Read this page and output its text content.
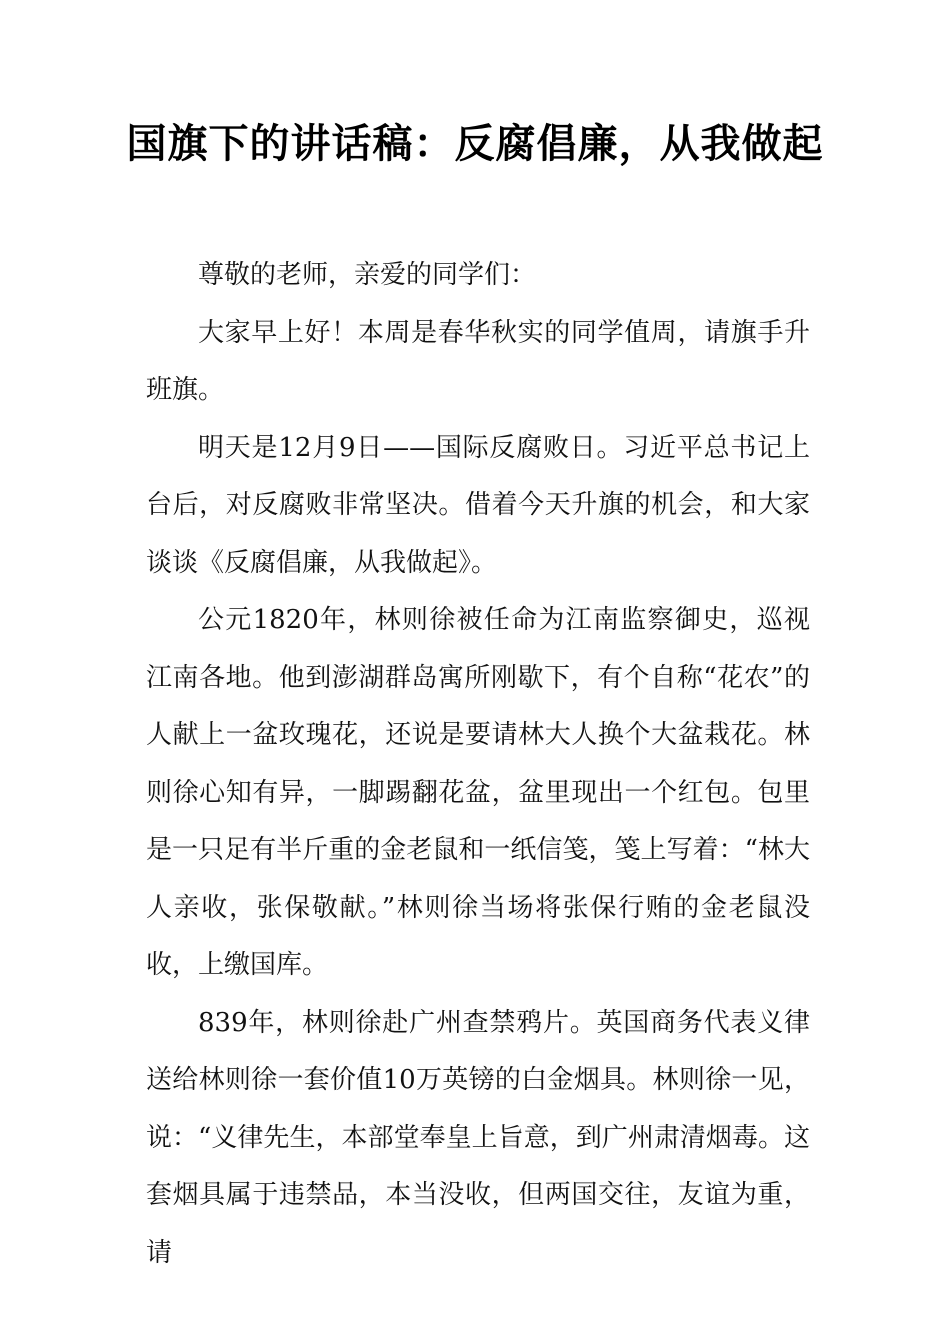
国旗下的讲话稿：反腐倡廉，从我做起

尊敬的老师，亲爱的同学们：

大家早上好！本周是春华秋实的同学值周，请旗手升班旗。

明天是12月9日——国际反腐败日。习近平总书记上台后，对反腐败非常坚决。借着今天升旗的机会，和大家谈谈《反腐倡廉，从我做起》。

公元1820年，林则徐被任命为江南监察御史，巡视江南各地。他到澎湖群岛寓所刚歇下，有个自称“花农”的人献上一盆玫瑰花，还说是要请林大人换个大盆栽花。林则徐心知有异，一脚踢翻花盆，盆里现出一个红包。包里是一只足有半斤重的金老鼠和一纸信笺，笺上写着：“林大人亲收，张保敬献。”林则徐当场将张保行贿的金老鼠没收，上缴国库。

839年，林则徐赴广州查禁鸦片。英国商务代表义律送给林则徐一套价值10万英镑的白金烟具。林则徐一见，说：“义律先生，本部堂奉皇上旨意，到广州肃清烟毒。这套烟具属于违禁品，本当没收，但两国交往，友谊为重，请
